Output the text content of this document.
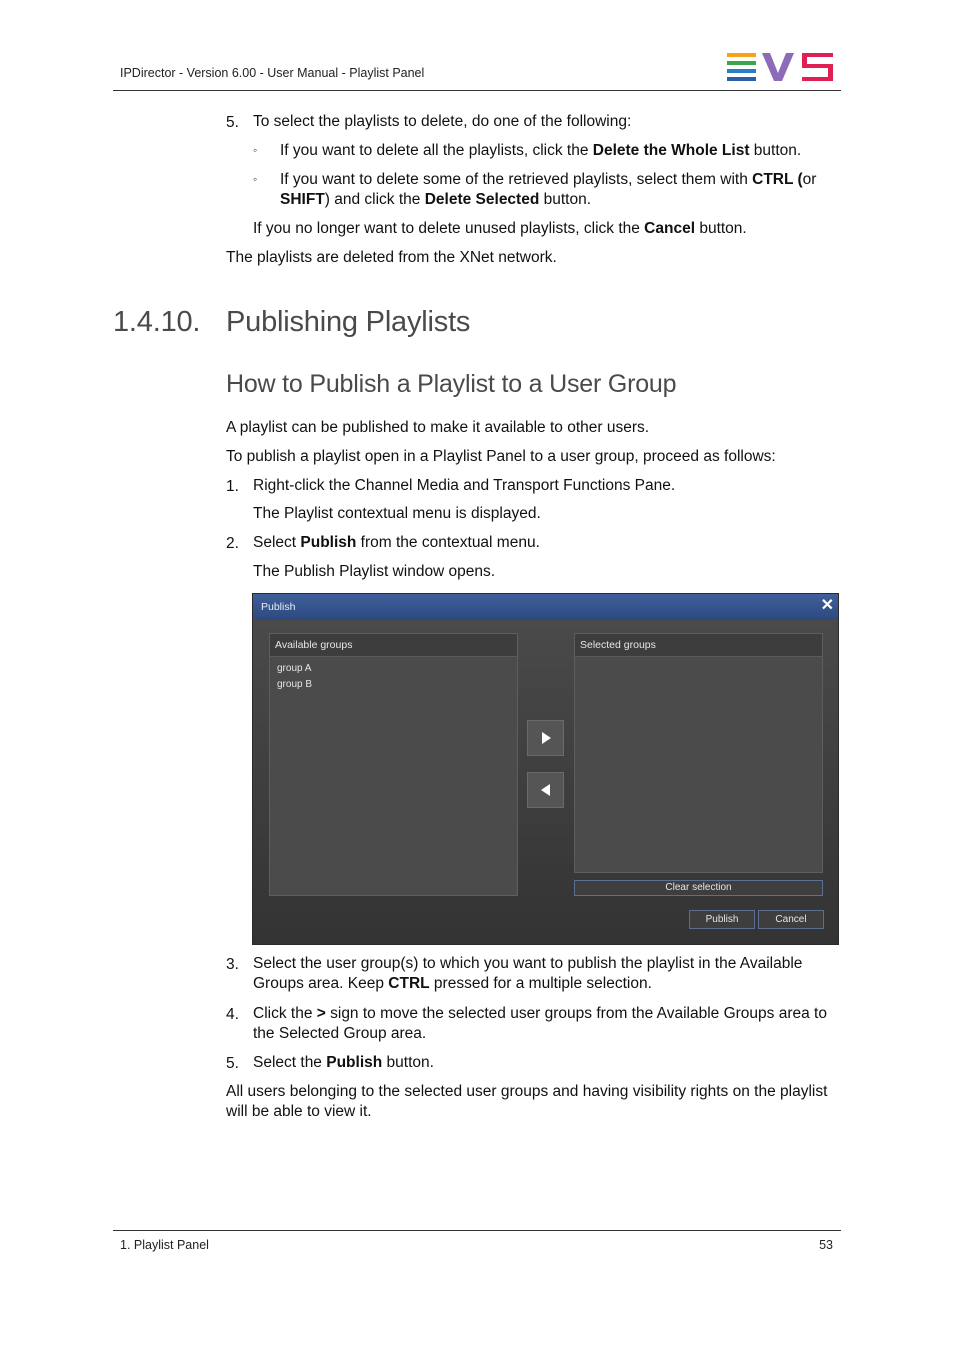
IPDirector - Version 6.00 - User Manual - Playlist Panel
5. To select the playlists to delete, do one of the following:
◦ If you want to delete all the playlists, click the Delete the Whole List button.
◦ If you want to delete some of the retrieved playlists, select them with CTRL (or
SHIFT) and click the Delete Selected button.
If you no longer want to delete unused playlists, click the Cancel button.
The playlists are deleted from the XNet network.
1.4.10. Publishing Playlists
How to Publish a Playlist to a User Group
A playlist can be published to make it available to other users.
To publish a playlist open in a Playlist Panel to a user group, proceed as follows:
1. Right-click the Channel Media and Transport Functions Pane.
The Playlist contextual menu is displayed.
2. Select Publish from the contextual menu.
The Publish Playlist window opens.
Publish	✕
Available groups
group A
group B
Selected groups
Clear selection
Publish	Cancel
3. Select the user group(s) to which you want to publish the playlist in the Available
Groups area. Keep CTRL pressed for a multiple selection.
4. Click the > sign to move the selected user groups from the Available Groups area to
the Selected Group area.
5. Select the Publish button.
All users belonging to the selected user groups and having visibility rights on the playlist
will be able to view it.
1. Playlist Panel	53
